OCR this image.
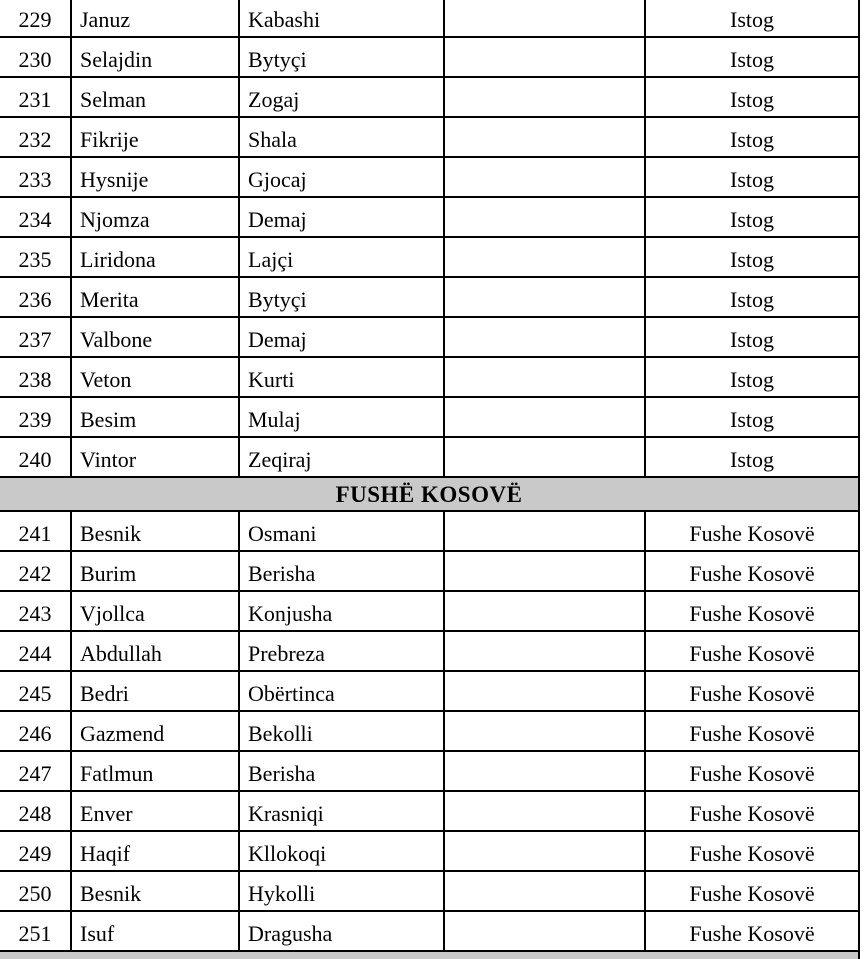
229	Januz	Kabashi	Istog
230	Selajdin	Bytyçi	Istog
231	Selman	Zogaj	Istog
232	Fikrije	Shala	Istog
233	Hysnije	Gjocaj	Istog
234	Njomza	Demaj	Istog
235	Liridona	Lajçi	Istog
236	Merita	Bytyçi	Istog
237	Valbone	Demaj	Istog
238	Veton	Kurti	Istog
239	Besim	Mulaj	Istog
240	Vintor	Zeqiraj	Istog
FUSHË KOSOVË
241	Besnik	Osmani	Fushe Kosovë
242	Burim	Berisha	Fushe Kosovë
243	Vjollca	Konjusha	Fushe Kosovë
244	Abdullah	Prebreza	Fushe Kosovë
245	Bedri	Obërtinca	Fushe Kosovë
246	Gazmend	Bekolli	Fushe Kosovë
247	Fatlmun	Berisha	Fushe Kosovë
248	Enver	Krasniqi	Fushe Kosovë
249	Haqif	Kllokoqi	Fushe Kosovë
250	Besnik	Hykolli	Fushe Kosovë
251	Isuf	Dragusha	Fushe Kosovë
